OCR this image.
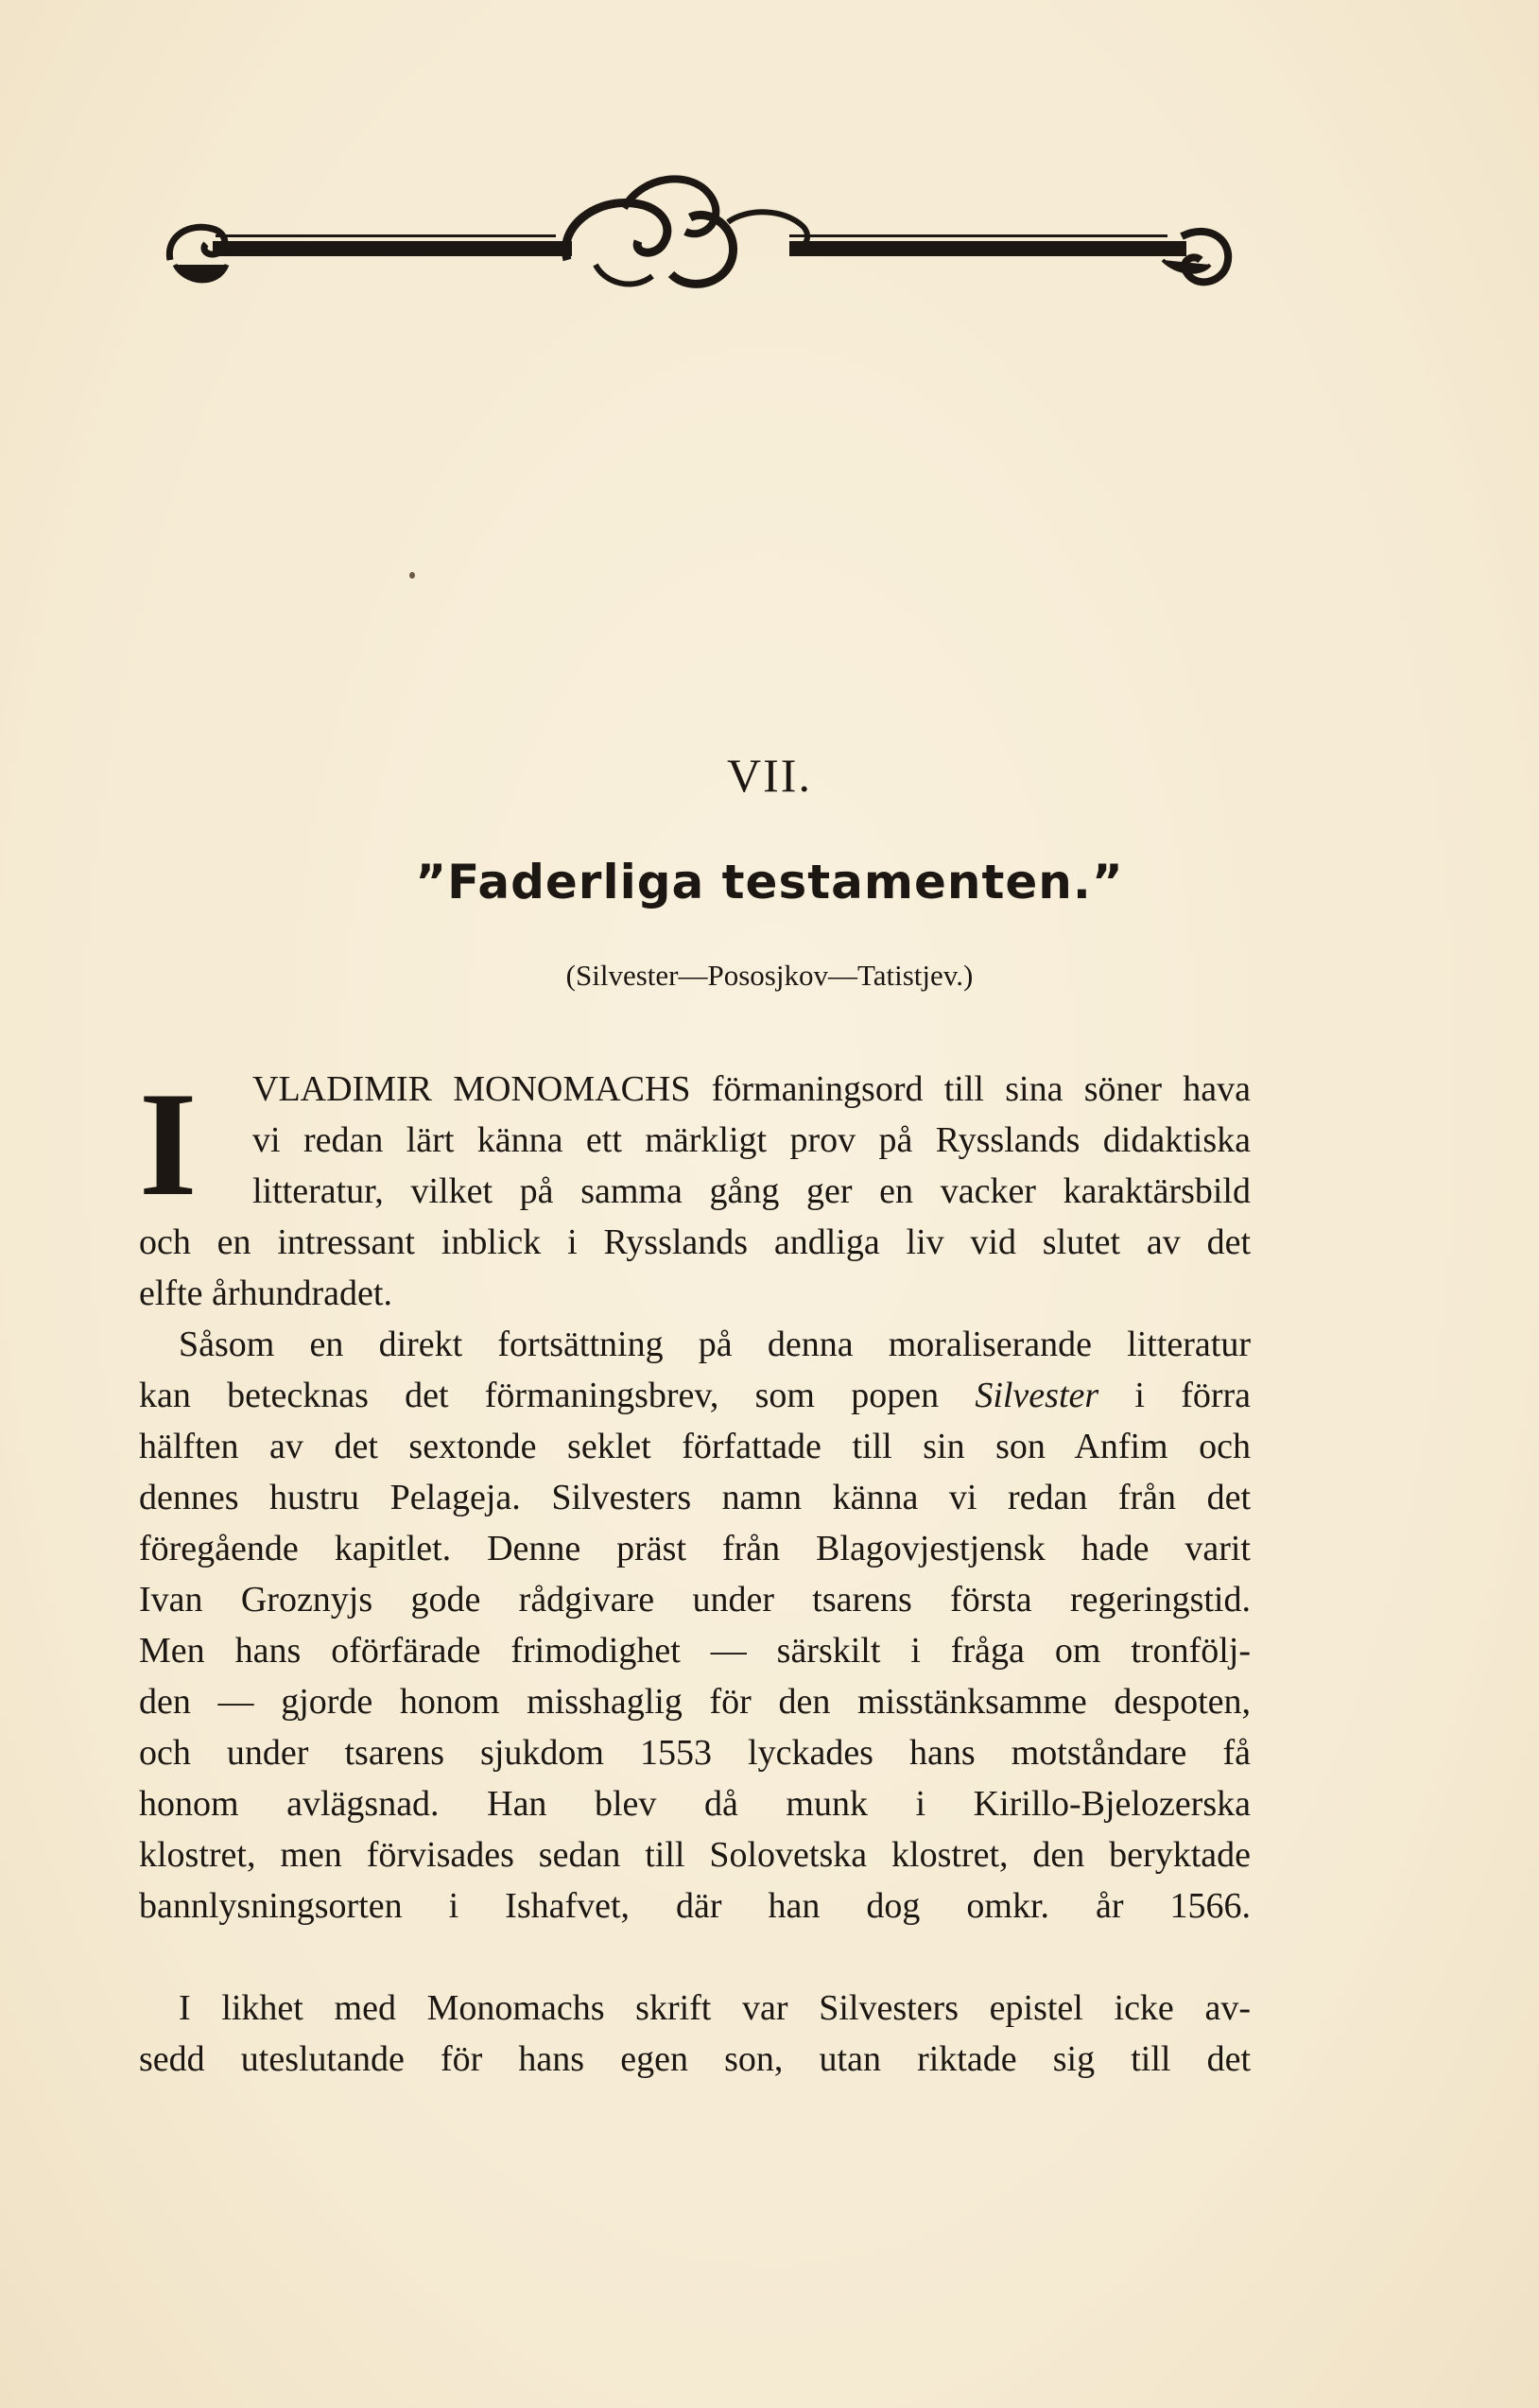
VII.
”Faderliga testamenten.”
(Silvester—Pososjkov—Tatistjev.)
I	VLADIMIR MONOMACHS förmaningsord till sina söner hava
vi redan lärt känna ett märkligt prov på Rysslands didaktiska
litteratur, vilket på samma gång ger en vacker karaktärsbild
och en intressant inblick i Rysslands andliga liv vid slutet av det
elfte århundradet.
Såsom en direkt fortsättning på denna moraliserande litteratur
kan betecknas det förmaningsbrev, som popen Silvester i förra
hälften av det sextonde seklet författade till sin son Anfim och
dennes hustru Pelageja. Silvesters namn känna vi redan från det
föregående kapitlet. Denne präst från Blagovjestjensk hade varit
Ivan Groznyjs gode rådgivare under tsarens första regeringstid.
Men hans oförfärade frimodighet — särskilt i fråga om tronfölj-
den — gjorde honom misshaglig för den misstänksamme despoten,
och under tsarens sjukdom 1553 lyckades hans motståndare få
honom avlägsnad. Han blev då munk i Kirillo-Bjelozerska
klostret, men förvisades sedan till Solovetska klostret, den beryktade
bannlysningsorten i Ishafvet, där han dog omkr. år 1566.
I likhet med Monomachs skrift var Silvesters epistel icke av-
sedd uteslutande för hans egen son, utan riktade sig till det
